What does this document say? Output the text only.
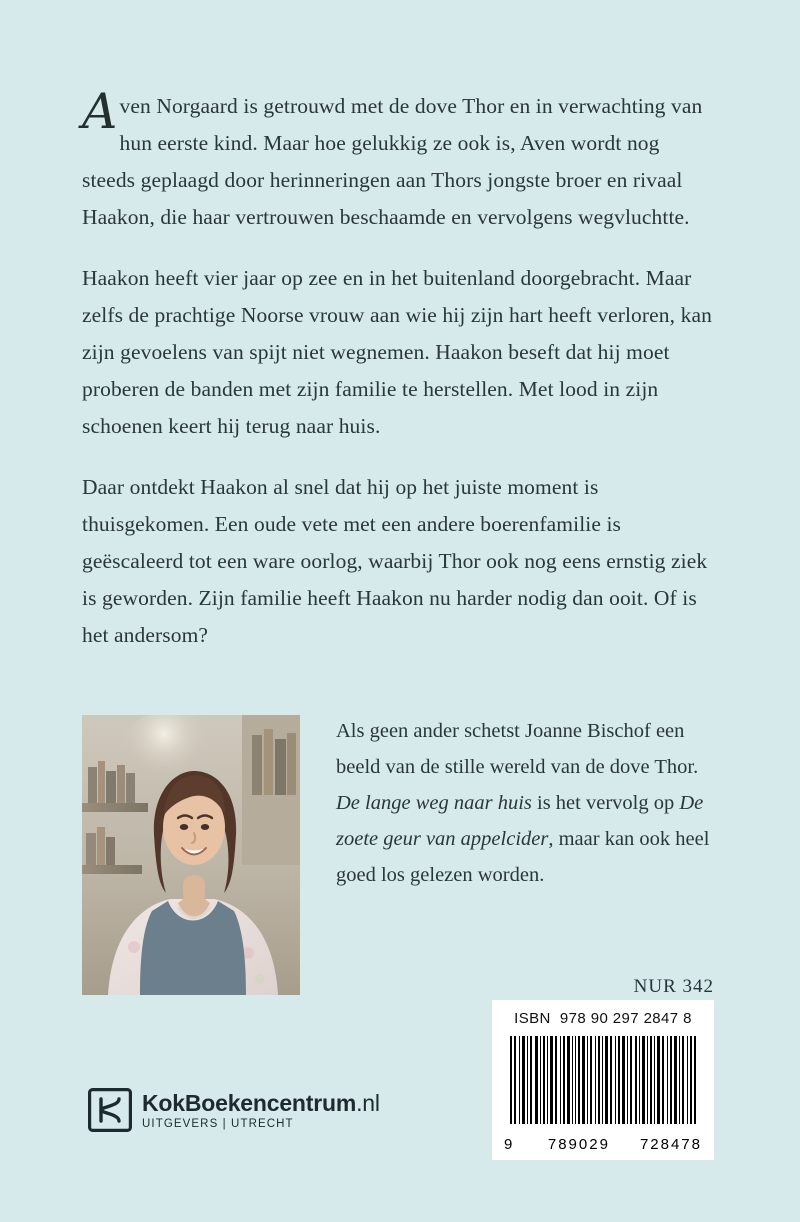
Aven Norgaard is getrouwd met de dove Thor en in verwachting van hun eerste kind. Maar hoe gelukkig ze ook is, Aven wordt nog steeds geplaagd door herinneringen aan Thors jongste broer en rivaal Haakon, die haar vertrouwen beschaamde en vervolgens wegvluchtte.

Haakon heeft vier jaar op zee en in het buitenland doorgebracht. Maar zelfs de prachtige Noorse vrouw aan wie hij zijn hart heeft verloren, kan zijn gevoelens van spijt niet wegnemen. Haakon beseft dat hij moet proberen de banden met zijn familie te herstellen. Met lood in zijn schoenen keert hij terug naar huis.

Daar ontdekt Haakon al snel dat hij op het juiste moment is thuisgekomen. Een oude vete met een andere boerenfamilie is geëscaleerd tot een ware oorlog, waarbij Thor ook nog eens ernstig ziek is geworden. Zijn familie heeft Haakon nu harder nodig dan ooit. Of is het andersom?

Als geen ander schetst Joanne Bischof een beeld van de stille wereld van de dove Thor. De lange weg naar huis is het vervolg op De zoete geur van appelcider, maar kan ook heel goed los gelezen worden.
NUR 342
ISBN 978 90 297 2847 8
9 789029 728478
KokBoekencentrum.nl
UITGEVERS | UTRECHT
